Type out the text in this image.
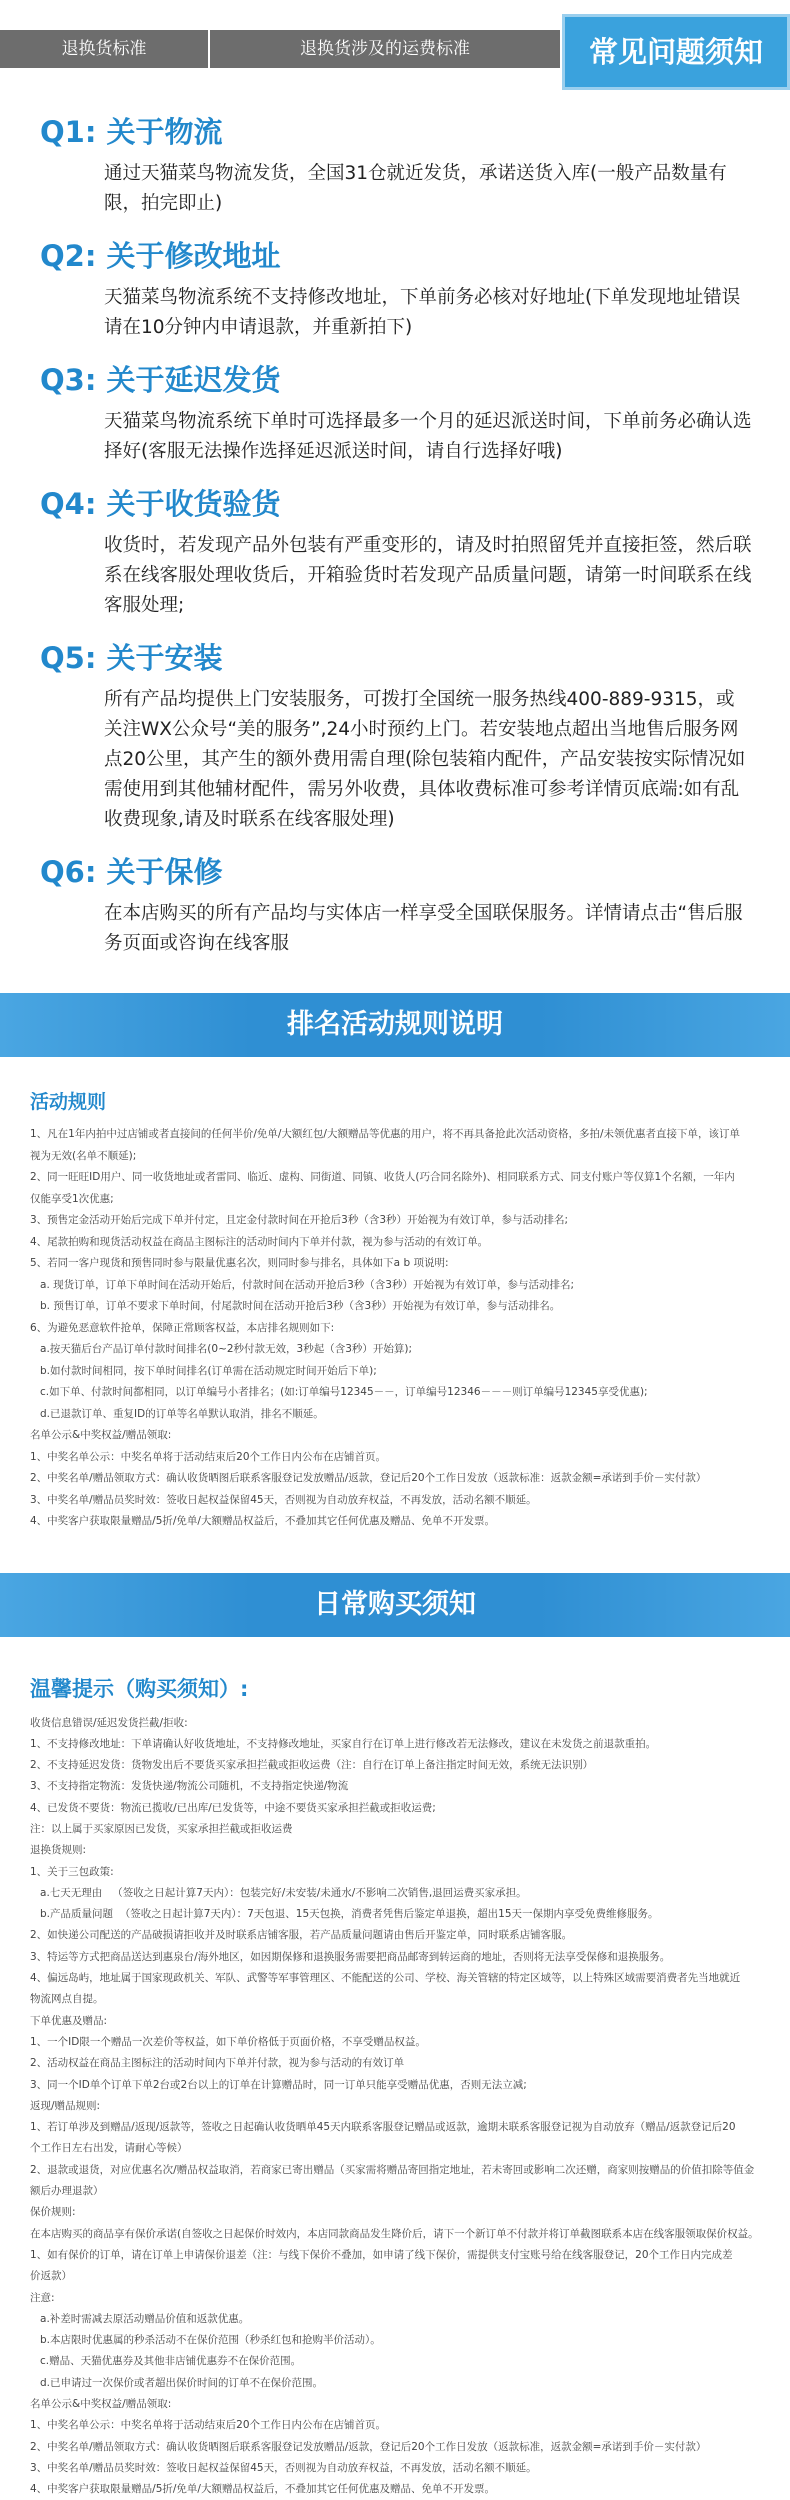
退换货标准	退换货涉及的运费标准	常见问题须知
Q1: 关于物流

通过天猫菜鸟物流发货，全国31仓就近发货，承诺送货入库(一般产品数量有限，拍完即止)

Q2: 关于修改地址

天猫菜鸟物流系统不支持修改地址，下单前务必核对好地址(下单发现地址错误请在10分钟内申请退款，并重新拍下)

Q3: 关于延迟发货

天猫菜鸟物流系统下单时可选择最多一个月的延迟派送时间，下单前务必确认选择好(客服无法操作选择延迟派送时间，请自行选择好哦)

Q4: 关于收货验货

收货时，若发现产品外包装有严重变形的，请及时拍照留凭并直接拒签，然后联系在线客服处理收货后，开箱验货时若发现产品质量问题，请第一时间联系在线客服处理;

Q5: 关于安装

所有产品均提供上门安装服务，可拨打全国统一服务热线400-889-9315，或关注WX公众号“美的服务”,24小时预约上门。若安装地点超出当地售后服务网点20公里，其产生的额外费用需自理(除包装箱内配件，产品安装按实际情况如需使用到其他辅材配件，需另外收费，具体收费标准可参考详情页底端:如有乱收费现象,请及时联系在线客服处理)

Q6: 关于保修

在本店购买的所有产品均与实体店一样享受全国联保服务。详情请点击“售后服务页面或咨询在线客服

排名活动规则说明
活动规则
1、凡在1年内拍中过店铺或者直接间的任何半价/免单/大额红包/大额赠品等优惠的用户，将不再具备抢此次活动资格，多拍/未领优惠者直接下单，该订单
视为无效(名单不顺延);
2、同一旺旺ID用户、同一收货地址或者雷同、临近、虚构、同街道、同镇、收货人(巧合同名除外)、相同联系方式、同支付账户等仅算1个名额，一年内
仅能享受1次优惠;
3、预售定金活动开始后完成下单并付定，且定金付款时间在开抢后3秒（含3秒）开始视为有效订单，参与活动排名;
4、尾款拍购和现货活动权益在商品主图标注的活动时间内下单并付款，视为参与活动的有效订单。
5、若同一客户现货和预售同时参与限量优惠名次，则同时参与排名，具体如下a b 项说明:
a. 现货订单，订单下单时间在活动开始后，付款时间在活动开抢后3秒（含3秒）开始视为有效订单，参与活动排名;
b. 预售订单，订单不要求下单时间，付尾款时间在活动开抢后3秒（含3秒）开始视为有效订单，参与活动排名。
6、为避免恶意软件抢单，保障正常顾客权益，本店排名规则如下:
a.按天猫后台产品订单付款时间排名(0~2秒付款无效，3秒起（含3秒）开始算);
b.如付款时间相同，按下单时间排名(订单需在活动规定时间开始后下单);
c.如下单、付款时间都相同，以订单编号小者排名；(如:订单编号12345－－，订单编号12346－－－则订单编号12345享受优惠);
d.已退款订单、重复ID的订单等名单默认取消，排名不顺延。
名单公示&中奖权益/赠品领取:
1、中奖名单公示：中奖名单将于活动结束后20个工作日内公布在店铺首页。
2、中奖名单/赠品领取方式：确认收货晒图后联系客服登记发放赠品/返款，登记后20个工作日发放（返款标准：返款金额=承诺到手价－实付款）
3、中奖名单/赠品员奖时效：签收日起权益保留45天，否则视为自动放弃权益，不再发放，活动名额不顺延。
4、中奖客户获取限量赠品/5折/免单/大额赠品权益后，不叠加其它任何优惠及赠品、免单不开发票。
日常购买须知
温馨提示（购买须知）:
收货信息错误/延迟发货拦截/拒收:
1、不支持修改地址：下单请确认好收货地址，不支持修改地址，买家自行在订单上进行修改若无法修改，建议在未发货之前退款重拍。
2、不支持延迟发货：货物发出后不要货买家承担拦截或拒收运费（注：自行在订单上备注指定时间无效，系统无法识别）
3、不支持指定物流：发货快递/物流公司随机，不支持指定快递/物流
4、已发货不要货：物流已揽收/已出库/已发货等，中途不要货买家承担拦截或拒收运费;
注：以上属于买家原因已发货，买家承担拦截或拒收运费
退换货规则:
1、关于三包政策:
a.七天无理由   （签收之日起计算7天内）：包装完好/未安装/未通水/不影响二次销售,退回运费买家承担。
b.产品质量问题  （签收之日起计算7天内）：7天包退、15天包换，消费者凭售后鉴定单退换，超出15天一保期内享受免费维修服务。
2、如快递公司配送的产品破损请拒收并及时联系店铺客服，若产品质量问题请由售后开鉴定单，同时联系店铺客服。
3、特运等方式把商品送达到惠泉台/海外地区，如因期保修和退换服务需要把商品邮寄到转运商的地址，否则将无法享受保修和退换服务。
4、偏远岛屿，地址属于国家现政机关、军队、武警等军事管理区、不能配送的公司、学校、海关管辖的特定区域等，以上特殊区域需要消费者先当地就近
物流网点自提。
下单优惠及赠品:
1、一个ID限一个赠品一次差价等权益，如下单价格低于页面价格，不享受赠品权益。
2、活动权益在商品主图标注的活动时间内下单并付款，视为参与活动的有效订单
3、同一个ID单个订单下单2台或2台以上的订单在计算赠品时，同一订单只能享受赠品优惠，否则无法立减;
返现/赠品规则:
1、若订单涉及到赠品/返现/返款等，签收之日起确认收货晒单45天内联系客服登记赠品或返款，逾期未联系客服登记视为自动放弃（赠品/返款登记后20
个工作日左右出发，请耐心等候）
2、退款或退货，对应优惠名次/赠品权益取消，若商家已寄出赠品（买家需将赠品寄回指定地址，若未寄回或影响二次还赠，商家则按赠品的价值扣除等值金
额后办理退款）
保价规则:
在本店购买的商品享有保价承诺(自签收之日起保价时效内，本店同款商品发生降价后，请下一个新订单不付款并将订单截图联系本店在线客服领取保价权益。
1、如有保价的订单，请在订单上申请保价退差（注：与线下保价不叠加，如申请了线下保价，需提供支付宝账号给在线客服登记，20个工作日内完成差
价返款）
注意:
a.补差时需减去原活动赠品价值和返款优惠。
b.本店限时优惠属的秒杀活动不在保价范围（秒杀红包和抢购半价活动）。
c.赠品、天猫优惠券及其他非店铺优惠券不在保价范围。
d.已申请过一次保价或者超出保价时间的订单不在保价范围。
名单公示&中奖权益/赠品领取:
1、中奖名单公示：中奖名单将于活动结束后20个工作日内公布在店铺首页。
2、中奖名单/赠品领取方式：确认收货晒图后联系客服登记发放赠品/返款，登记后20个工作日发放（返款标准，返款金额=承诺到手价－实付款）
3、中奖名单/赠品员奖时效：签收日起权益保留45天，否则视为自动放弃权益，不再发放，活动名额不顺延。
4、中奖客户获取限量赠品/5折/免单/大额赠品权益后，不叠加其它任何优惠及赠品、免单不开发票。
